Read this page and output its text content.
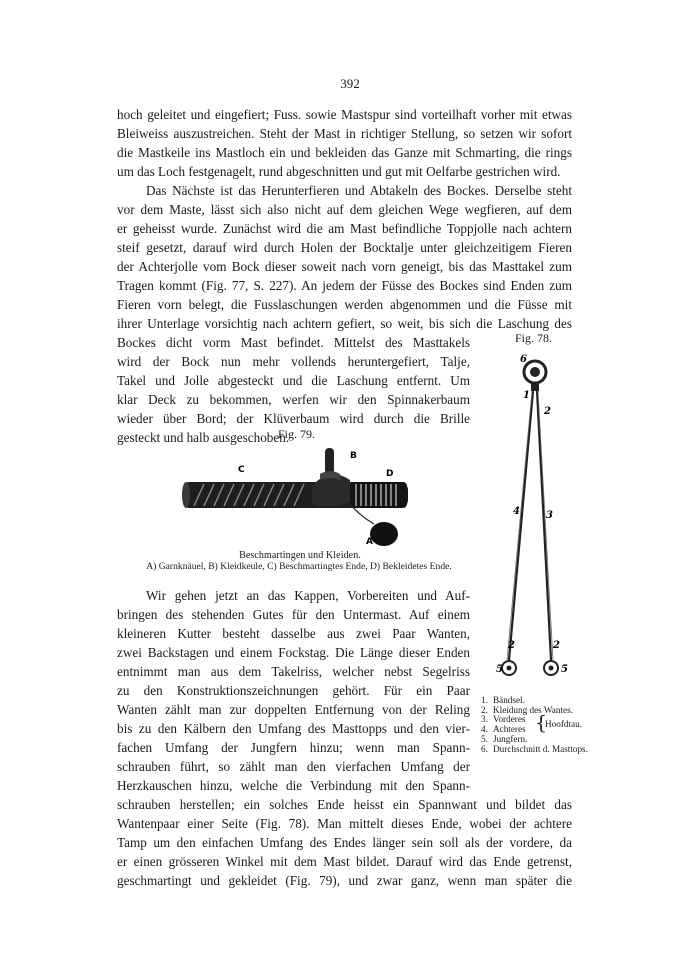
392
hoch geleitet und eingefiert; Fuss. sowie Mastspur sind vorteilhaft vorher mit etwas
Bleiweiss auszustreichen. Steht der Mast in richtiger Stellung, so setzen wir sofort
die Mastkeile ins Mastloch ein und bekleiden das Ganze mit Schmarting, die rings
um das Loch festgenagelt, rund abgeschnitten und gut mit Oelfarbe gestrichen wird.
Das Nächste ist das Herunterfieren und Abtakeln des Bockes. Derselbe steht
vor dem Maste, lässt sich also nicht auf dem gleichen Wege wegfieren, auf dem
er geheisst wurde. Zunächst wird die am Mast befindliche Toppjolle nach achtern
steif gesetzt, darauf wird durch Holen der Bocktalje unter gleichzeitigem Fieren
der Achterjolle vom Bock dieser soweit nach vorn geneigt, bis das Masttakel zum
Tragen kommt (Fig. 77, S. 227). An jedem der Füsse des Bockes sind Enden zum
Fieren vorn belegt, die Fusslaschungen werden abgenommen und die Füsse mit
ihrer Unterlage vorsichtig nach achtern gefiert, so weit, bis sich die Laschung des
Bockes dicht vorm Mast befindet. Mittelst des Masttakels
wird der Bock nun mehr vollends heruntergefiert, Talje,
Takel und Jolle abgesteckt und die Laschung entfernt. Um
klar Deck zu bekommen, werfen wir den Spinnakerbaum
wieder über Bord; der Klüverbaum wird durch die Brille
gesteckt und halb ausgeschoben.
Fig. 79.
C
B
D
A
Beschmartingen und Kleiden.
A) Garnknäuel, B) Kleidkeule, C) Beschmartingtes Ende, D) Bekleidetes Ende.
Fig. 78.
6
1
2
4	3
2	2
5	5
1. Bändsel.
2. Kleidung des Wantes.
3. Vorderes
4. Achteres {
Hoofdtau.
5. Jungfern.
6. Durchschnitt d. Masttops.
Wir gehen jetzt an das Kappen, Vorbereiten und Auf-
bringen des stehenden Gutes für den Untermast. Auf einem
kleineren Kutter besteht dasselbe aus zwei Paar Wanten,
zwei Backstagen und einem Fockstag. Die Länge dieser Enden
entnimmt man aus dem Takelriss, welcher nebst Segelriss
zu den Konstruktionszeichnungen gehört. Für ein Paar
Wanten zählt man zur doppelten Entfernung von der Reling
bis zu den Kälbern den Umfang des Masttopps und den vier-
fachen Umfang der Jungfern hinzu; wenn man Spann-
schrauben führt, so zählt man den vierfachen Umfang der
Herzkauschen hinzu, welche die Verbindung mit den Spann-
schrauben herstellen; ein solches Ende heisst ein Spannwant und bildet das
Wantenpaar einer Seite (Fig. 78). Man mittelt dieses Ende, wobei der achtere
Tamp um den einfachen Umfang des Endes länger sein soll als der vordere, da
er einen grösseren Winkel mit dem Mast bildet. Darauf wird das Ende getrenst,
geschmartingt und gekleidet (Fig. 79), und zwar ganz, wenn man später die
